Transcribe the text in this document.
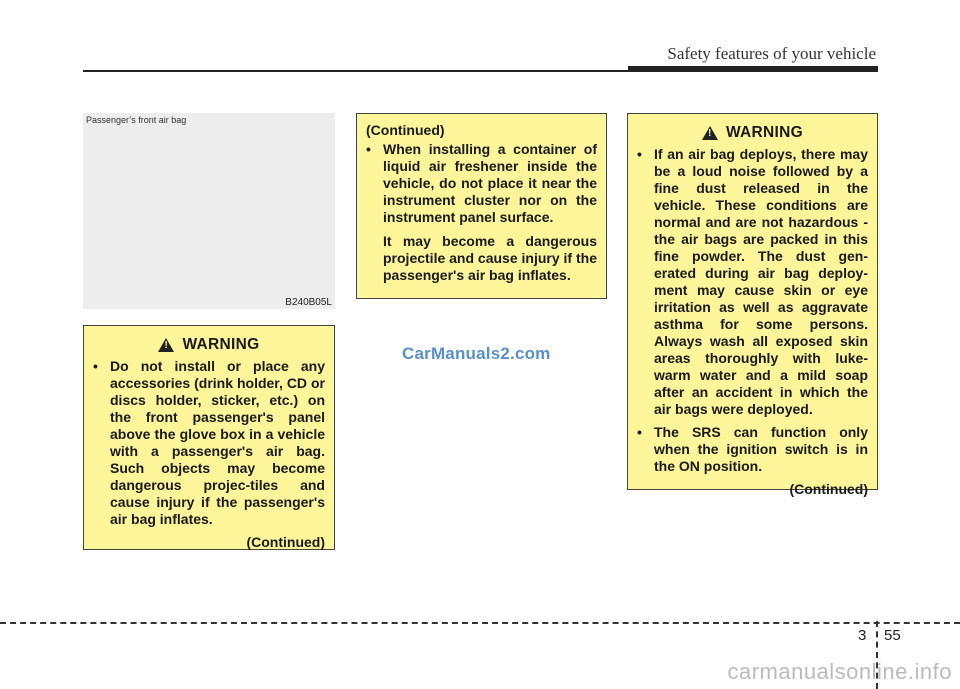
Safety features of your vehicle
Passenger’s front air bag
B240B05L
!
WARNING
• Do not install or place any accessories (drink holder, CD or discs holder, sticker, etc.) on the front passenger's panel above the glove box in a vehicle with a passenger's air bag. Such objects may become dangerous projec-tiles and cause injury if the passenger's air bag inflates.
(Continued)
(Continued)
• When installing a container of liquid air freshener inside the vehicle, do not place it near the instrument cluster nor on the instrument panel surface.
It may become a dangerous projectile and cause injury if the passenger's air bag inflates.
!
WARNING
• If an air bag deploys, there may be a loud noise followed by a fine dust released in the vehicle. These conditions are normal and are not hazardous - the air bags are packed in this fine powder. The dust gen-erated during air bag deploy-ment may cause skin or eye irritation as well as aggravate asthma for some persons. Always wash all exposed skin areas thoroughly with luke-warm water and a mild soap after an accident in which the air bags were deployed.
• The SRS can function only when the ignition switch is in the ON position.
(Continued)
CarManuals2.com
3 55
carmanualsonline.info
